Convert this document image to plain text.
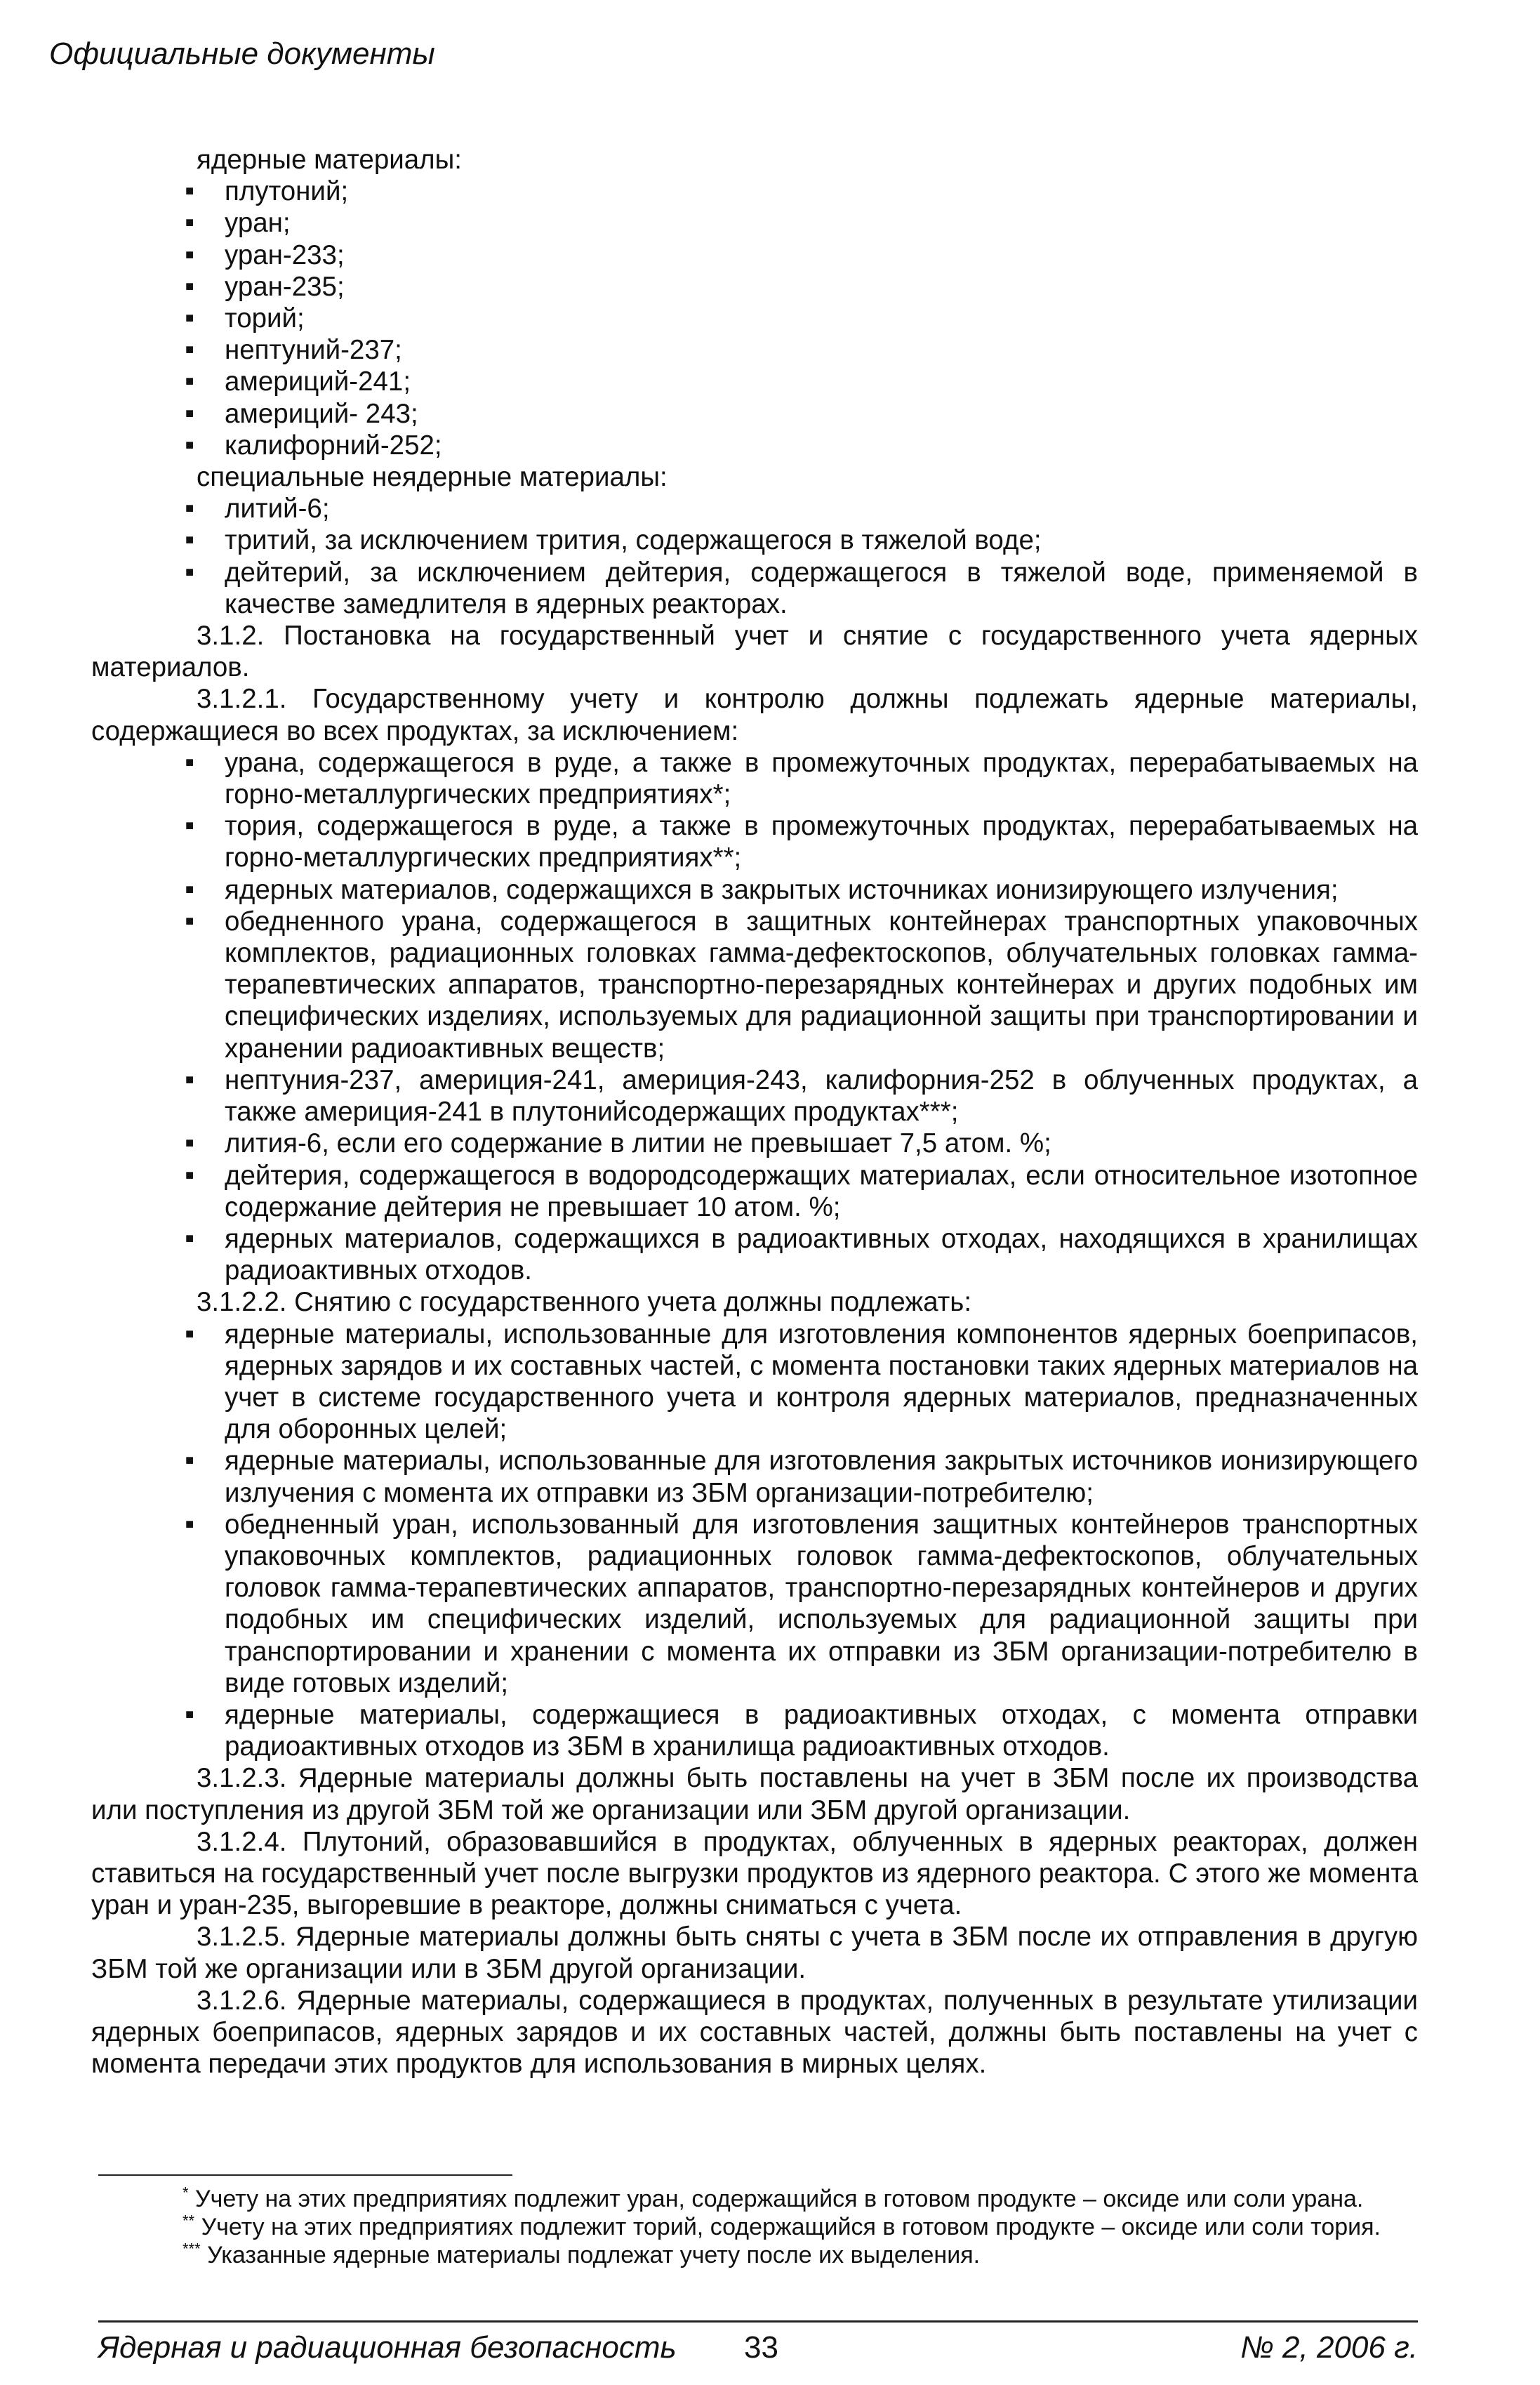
Официальные документы
ядерные материалы:
■ плутоний;
■ уран;
■ уран-233;
■ уран-235;
■ торий;
■ нептуний-237;
■ америций-241;
■ америций- 243;
■ калифорний-252;
специальные неядерные материалы:
■ литий-6;
■ тритий, за исключением трития, содержащегося в тяжелой воде;
■ дейтерий, за исключением дейтерия, содержащегося в тяжелой воде, применяемой в качестве замедлителя в ядерных реакторах.

3.1.2. Постановка на государственный учет и снятие с государственного учета ядерных материалов.

3.1.2.1. Государственному учету и контролю должны подлежать ядерные материалы, содержащиеся во всех продуктах, за исключением:

■ урана, содержащегося в руде, а также в промежуточных продуктах, перерабатываемых на горно-металлургических предприятиях*;
■ тория, содержащегося в руде, а также в промежуточных продуктах, перерабатываемых на горно-металлургических предприятиях**;
■ ядерных материалов, содержащихся в закрытых источниках ионизирующего излучения;
■ обедненного урана, содержащегося в защитных контейнерах транспортных упаковочных комплектов, радиационных головках гамма-дефектоскопов, облучательных головках гамма-терапевтических аппаратов, транспортно-перезарядных контейнерах и других подобных им специфических изделиях, используемых для радиационной защиты при транспортировании и хранении радиоактивных веществ;
■ нептуния-237, америция-241, америция-243, калифорния-252 в облученных продуктах, а также америция-241 в плутонийсодержащих продуктах***;
■ лития-6, если его содержание в литии не превышает 7,5 атом. %;
■ дейтерия, содержащегося в водородсодержащих материалах, если относительное изотопное содержание дейтерия не превышает 10 атом. %;
■ ядерных материалов, содержащихся в радиоактивных отходах, находящихся в хранилищах радиоактивных отходов.

3.1.2.2. Снятию с государственного учета должны подлежать:

■ ядерные материалы, использованные для изготовления компонентов ядерных боеприпасов, ядерных зарядов и их составных частей, с момента постановки таких ядерных материалов на учет в системе государственного учета и контроля ядерных материалов, предназначенных для оборонных целей;
■ ядерные материалы, использованные для изготовления закрытых источников ионизирующего излучения с момента их отправки из ЗБМ организации-потребителю;
■ обедненный уран, использованный для изготовления защитных контейнеров транспортных упаковочных комплектов, радиационных головок гамма-дефектоскопов, облучательных головок гамма-терапевтических аппаратов, транспортно-перезарядных контейнеров и других подобных им специфических изделий, используемых для радиационной защиты при транспортировании и хранении с момента их отправки из ЗБМ организации-потребителю в виде готовых изделий;
■ ядерные материалы, содержащиеся в радиоактивных отходах, с момента отправки радиоактивных отходов из ЗБМ в хранилища радиоактивных отходов.

3.1.2.3. Ядерные материалы должны быть поставлены на учет в ЗБМ после их производства или поступления из другой ЗБМ той же организации или ЗБМ другой организации.

3.1.2.4. Плутоний, образовавшийся в продуктах, облученных в ядерных реакторах, должен ставиться на государственный учет после выгрузки продуктов из ядерного реактора. С этого же момента уран и уран-235, выгоревшие в реакторе, должны сниматься с учета.

3.1.2.5. Ядерные материалы должны быть сняты с учета в ЗБМ после их отправления в другую ЗБМ той же организации или в ЗБМ другой организации.

3.1.2.6. Ядерные материалы, содержащиеся в продуктах, полученных в результате утилизации ядерных боеприпасов, ядерных зарядов и их составных частей, должны быть поставлены на учет с момента передачи этих продуктов для использования в мирных целях.

* Учету на этих предприятиях подлежит уран, содержащийся в готовом продукте – оксиде или соли урана.

** Учету на этих предприятиях подлежит торий, содержащийся в готовом продукте – оксиде или соли тория.

*** Указанные ядерные материалы подлежат учету после их выделения.

Ядерная и радиационная безопасность 33	№ 2, 2006 г.
